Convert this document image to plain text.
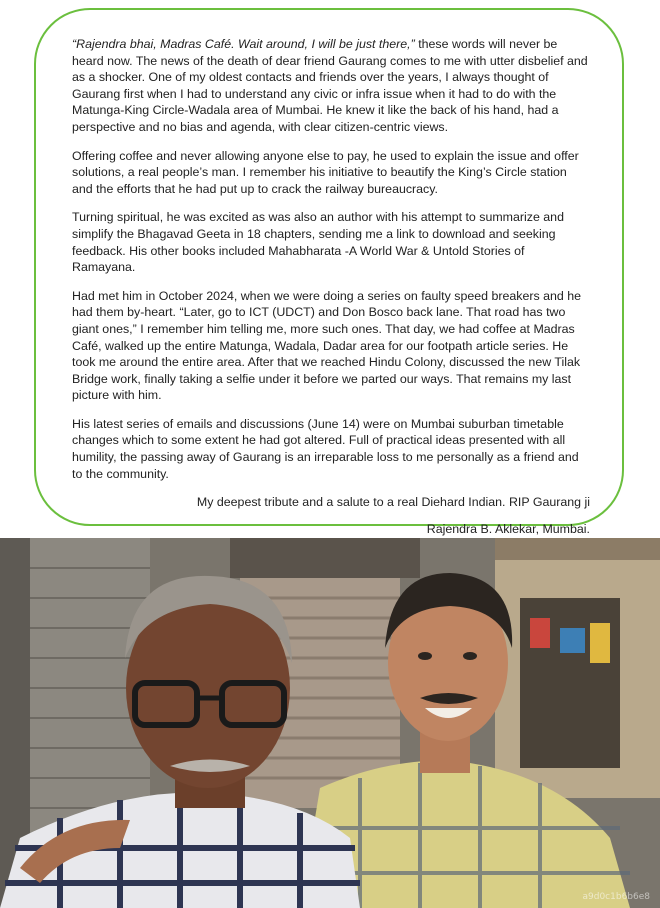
“Rajendra bhai, Madras Café. Wait around, I will be just there,” these words will never be heard now. The news of the death of dear friend Gaurang comes to me with utter disbelief and as a shocker. One of my oldest contacts and friends over the years, I always thought of Gaurang first when I had to understand any civic or infra issue when it had to do with the Matunga-King Circle-Wadala area of Mumbai. He knew it like the back of his hand, had a perspective and no bias and agenda, with clear citizen-centric views.

Offering coffee and never allowing anyone else to pay, he used to explain the issue and offer solutions, a real people’s man. I remember his initiative to beautify the King’s Circle station and the efforts that he had put up to crack the railway bureaucracy.

Turning spiritual, he was excited as was also an author with his attempt to summarize and simplify the Bhagavad Geeta in 18 chapters, sending me a link to download and seeking feedback. His other books included Mahabharata -A World War & Untold Stories of Ramayana.

Had met him in October 2024, when we were doing a series on faulty speed breakers and he had them by-heart. “Later, go to ICT (UDCT) and Don Bosco back lane. That road has two giant ones,” I remember him telling me, more such ones. That day, we had coffee at Madras Café, walked up the entire Matunga, Wadala, Dadar area for our footpath article series. He took me around the entire area. After that we reached Hindu Colony, discussed the new Tilak Bridge work, finally taking a selfie under it before we parted our ways. That remains my last picture with him.

His latest series of emails and discussions (June 14) were on Mumbai suburban timetable changes which to some extent he had got altered. Full of practical ideas presented with all humility, the passing away of Gaurang is an irreparable loss to me personally as a friend and to the community.

My deepest tribute and a salute to a real Diehard Indian. RIP Gaurang ji

Rajendra B. Aklekar, Mumbai.

a9d0c1b6b6e8
